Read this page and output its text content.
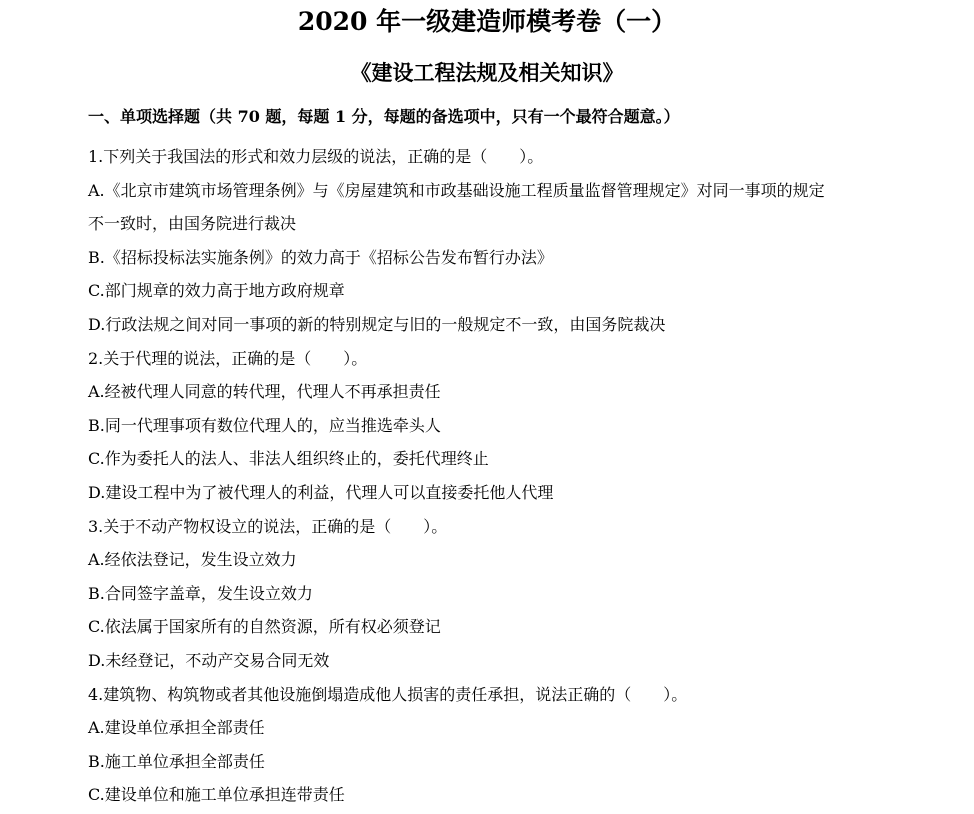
2020 年一级建造师模考卷（一）
《建设工程法规及相关知识》
一、单项选择题（共 70 题，每题 1 分，每题的备选项中，只有一个最符合题意。）
1.下列关于我国法的形式和效力层级的说法，正确的是（　　）。
A.《北京市建筑市场管理条例》与《房屋建筑和市政基础设施工程质量监督管理规定》对同一事项的规定
不一致时，由国务院进行裁决
B.《招标投标法实施条例》的效力高于《招标公告发布暂行办法》
C.部门规章的效力高于地方政府规章
D.行政法规之间对同一事项的新的特别规定与旧的一般规定不一致，由国务院裁决
2.关于代理的说法，正确的是（　　）。
A.经被代理人同意的转代理，代理人不再承担责任
B.同一代理事项有数位代理人的，应当推选牵头人
C.作为委托人的法人、非法人组织终止的，委托代理终止
D.建设工程中为了被代理人的利益，代理人可以直接委托他人代理
3.关于不动产物权设立的说法，正确的是（　　）。
A.经依法登记，发生设立效力
B.合同签字盖章，发生设立效力
C.依法属于国家所有的自然资源，所有权必须登记
D.未经登记，不动产交易合同无效
4.建筑物、构筑物或者其他设施倒塌造成他人损害的责任承担，说法正确的（　　）。
A.建设单位承担全部责任
B.施工单位承担全部责任
C.建设单位和施工单位承担连带责任
